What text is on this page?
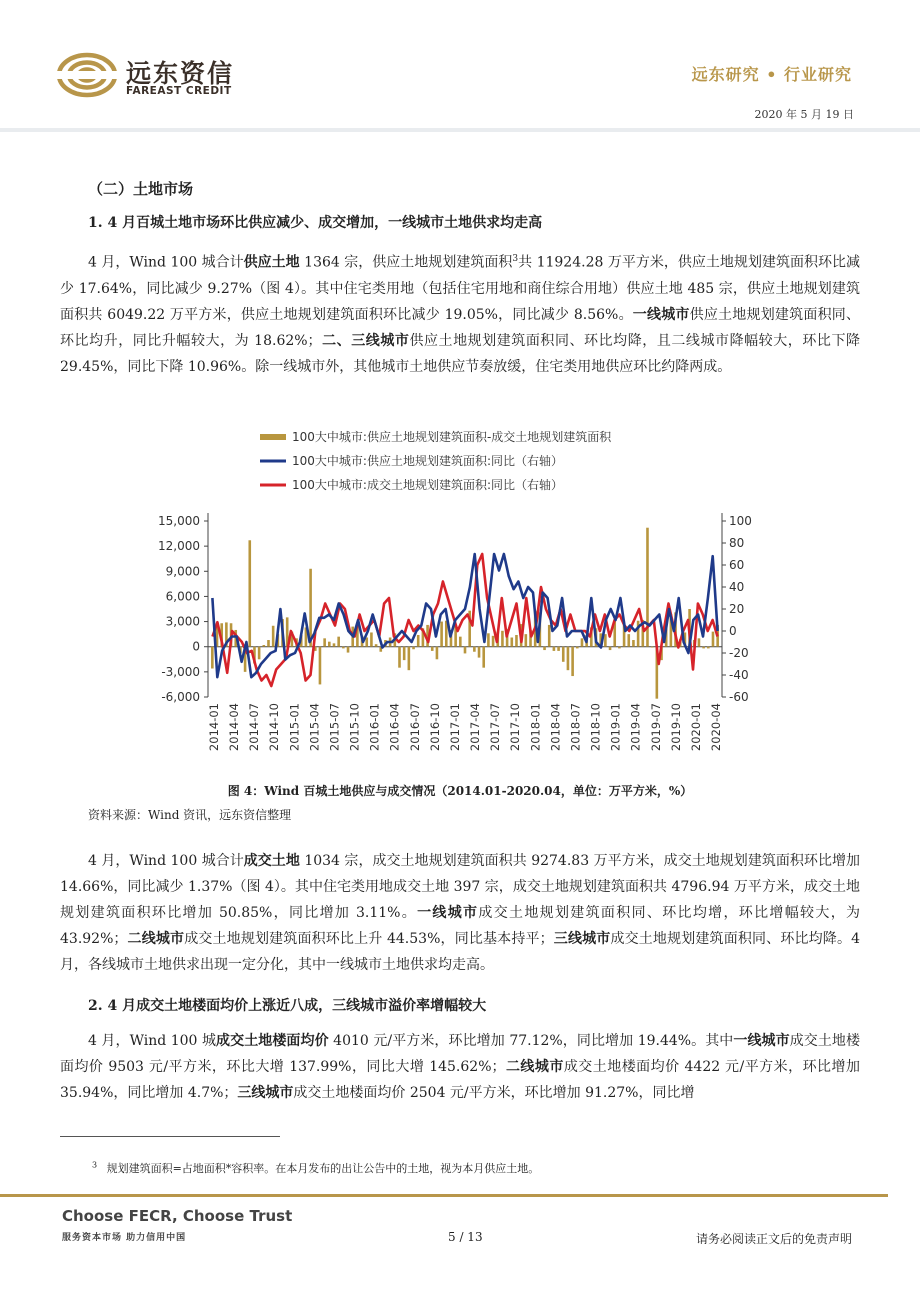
远东资信
FAREAST CREDIT
远东研究 • 行业研究
2020 年 5 月 19 日
（二）土地市场
1. 4 月百城土地市场环比供应减少、成交增加，一线城市土地供求均走高
4 月，Wind 100 城合计供应土地 1364 宗，供应土地规划建筑面积$^3$共 11924.28 万平方米，供应土地规划建筑面积环比减少 17.64%，同比减少 9.27%（图 4）。其中住宅类用地（包括住宅用地和商住综合用地）供应土地 485 宗，供应土地规划建筑面积共 6049.22 万平方米，供应土地规划建筑面积环比减少 19.05%，同比减少 8.56%。一线城市供应土地规划建筑面积同、环比均升，同比升幅较大，为 18.62%；二、三线城市供应土地规划建筑面积同、环比均降，且二线城市降幅较大，环比下降 29.45%，同比下降 10.96%。除一线城市外，其他城市土地供应节奏放缓，住宅类用地供应环比约降两成。
100大中城市:供应土地规划建筑面积-成交土地规划建筑面积
100大中城市:供应土地规划建筑面积:同比（右轴）
100大中城市:成交土地规划建筑面积:同比（右轴）
15,000
12,000
9,000
6,000
3,000
0
-3,000
-6,000
100
80
60
40
20
0
-20
-40
-60
2014-01 2014-04 2014-07 2014-10 2015-01 2015-04 2015-07 2015-10 2016-01 2016-04 2016-07 2016-10 2017-01 2017-04 2017-07 2017-10 2018-01 2018-04 2018-07 2018-10 2019-01 2019-04 2019-07 2019-10 2020-01 2020-04
图 4：Wind 百城土地供应与成交情况（2014.01-2020.04，单位：万平方米，%）
资料来源：Wind 资讯，远东资信整理
4 月，Wind 100 城合计成交土地 1034 宗，成交土地规划建筑面积共 9274.83 万平方米，成交土地规划建筑面积环比增加 14.66%，同比减少 1.37%（图 4）。其中住宅类用地成交土地 397 宗，成交土地规划建筑面积共 4796.94 万平方米，成交土地规划建筑面积环比增加 50.85%，同比增加 3.11%。一线城市成交土地规划建筑面积同、环比均增，环比增幅较大，为 43.92%；二线城市成交土地规划建筑面积环比上升 44.53%，同比基本持平；三线城市成交土地规划建筑面积同、环比均降。4 月，各线城市土地供求出现一定分化，其中一线城市土地供求均走高。
2. 4 月成交土地楼面均价上涨近八成，三线城市溢价率增幅较大
4 月，Wind 100 城成交土地楼面均价 4010 元/平方米，环比增加 77.12%，同比增加 19.44%。其中一线城市成交土地楼面均价 9503 元/平方米，环比大增 137.99%，同比大增 145.62%；二线城市成交土地楼面均价 4422 元/平方米，环比增加 35.94%，同比增加 4.7%；三线城市成交土地楼面均价 2504 元/平方米，环比增加 91.27%，同比增
$^3$ 规划建筑面积=占地面积*容积率。在本月发布的出让公告中的土地，视为本月供应土地。
Choose FECR, Choose Trust
服务资本市场 助力信用中国	5 / 13	请务必阅读正文后的免责声明
